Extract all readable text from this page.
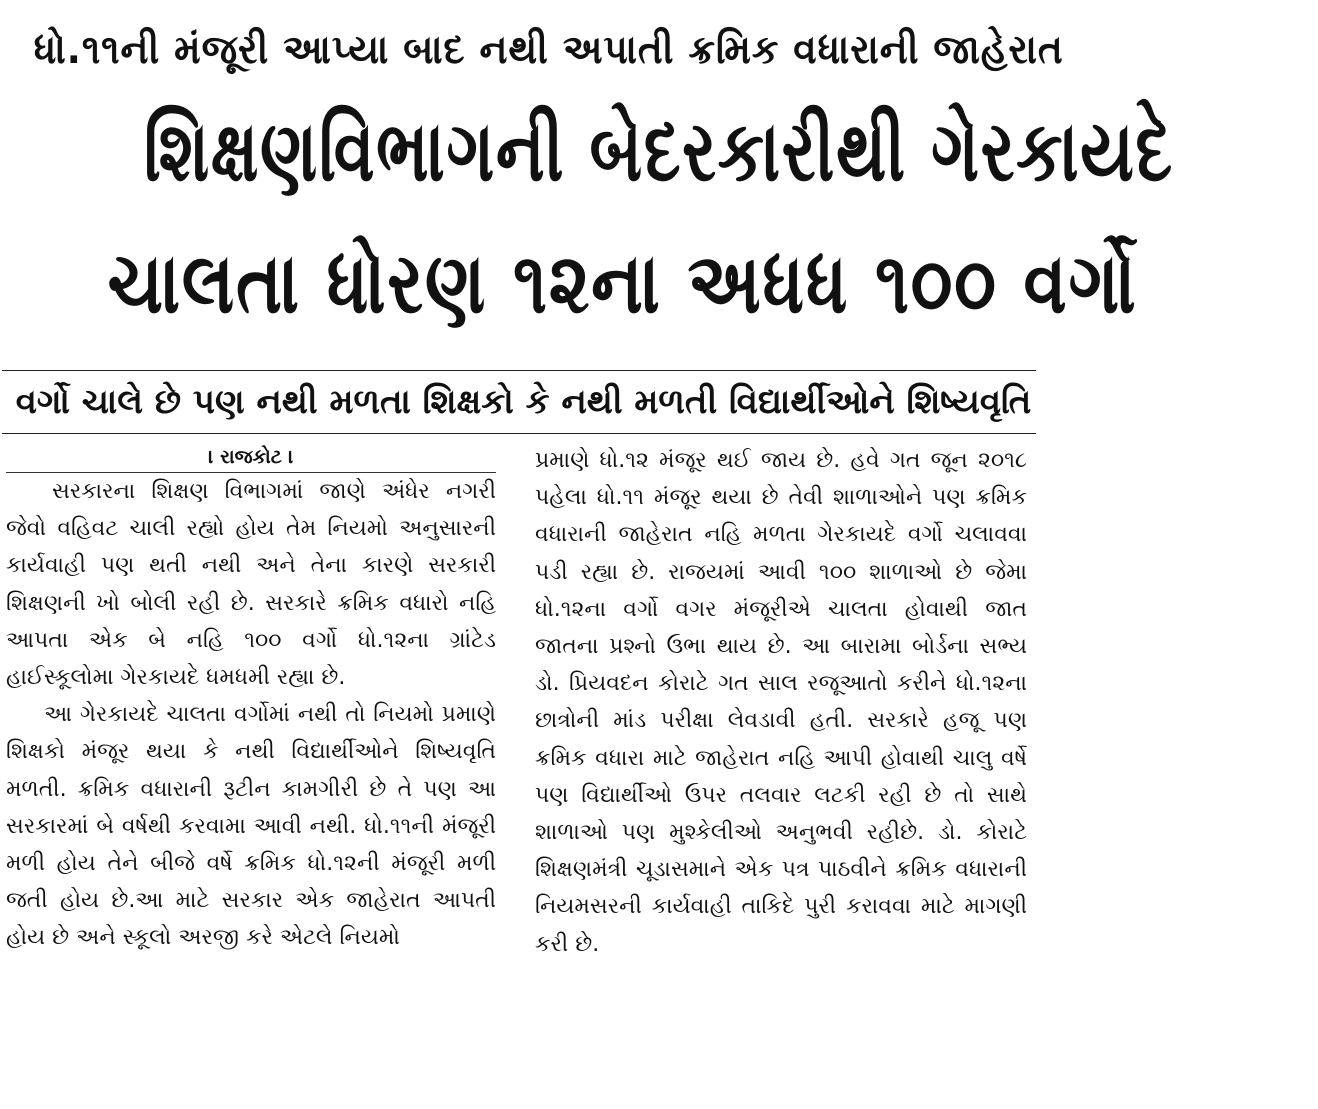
ધો.૧૧ની મંજૂરી આપ્યા બાદ નથી અપાતી ક્રમિક વધારાની જાહેરાત
શિક્ષણવિભાગની બેદરકારીથી ગેરકાયદે
ચાલતા ધોરણ ૧૨ના અધધ ૧૦૦ વર્ગો
વર્ગો ચાલે છે પણ નથી મળતા શિક્ષકો કે નથી મળતી વિદ્યાર્થીઓને શિષ્યવૃતિ
। રાજકોટ ।

સરકારના શિક્ષણ વિભાગમાં જાણે અંધેર નગરી જેવો વહિવટ ચાલી રહ્યો હોય તેમ નિયમો અનુસારની કાર્યવાહી પણ થતી નથી અને તેના કારણે સરકારી શિક્ષણની ખો બોલી રહી છે. સરકારે ક્રમિક વધારો નહિ આપતા એક બે નહિ ૧૦૦ વર્ગો ધો.૧૨ના ગ્રાંટેડ હાઈસ્કૂલોમા ગેરકાયદે ધમધમી રહ્યા છે.

આ ગેરકાયદે ચાલતા વર્ગોમાં નથી તો નિયમો પ્રમાણે શિક્ષકો મંજૂર થયા કે નથી વિદ્યાર્થીઓને શિષ્યવૃતિ મળતી. ક્રમિક વધારાની રૂટીન કામગીરી છે તે પણ આ સરકારમાં બે વર્ષથી કરવામા આવી નથી. ધો.૧૧ની મંજૂરી મળી હોય તેને બીજે વર્ષે ક્રમિક ધો.૧૨ની મંજૂરી મળી જતી હોય છે.આ માટે સરકાર એક જાહેરાત આપતી હોય છે અને સ્કૂલો અરજી કરે એટલે નિયમો

પ્રમાણે ધો.૧૨ મંજૂર થઈ જાય છે. હવે ગત જૂન ૨૦૧૮ પહેલા ધો.૧૧ મંજૂર થયા છે તેવી શાળાઓને પણ ક્રમિક વધારાની જાહેરાત નહિ મળતા ગેરકાયદે વર્ગો ચલાવવા પડી રહ્યા છે. રાજયમાં આવી ૧૦૦ શાળાઓ છે જેમા ધો.૧૨ના વર્ગો વગર મંજૂરીએ ચાલતા હોવાથી જાત જાતના પ્રશ્નો ઉભા થાય છે. આ બારામા બોર્ડના સભ્ય ડો. પ્રિયવદન કોરાટે ગત સાલ રજૂઆતો કરીને ધો.૧૨ના છાત્રોની માંડ પરીક્ષા લેવડાવી હતી. સરકારે હજૂ પણ ક્રમિક વધારા માટે જાહેરાત નહિ આપી હોવાથી ચાલુ વર્ષે પણ વિદ્યાર્થીઓ ઉપર તલવાર લટકી રહી છે તો સાથે શાળાઓ પણ મુશ્કેલીઓ અનુભવી રહીછે. ડો. કોરાટે શિક્ષણમંત્રી ચૂડાસમાને એક પત્ર પાઠવીને ક્રમિક વધારાની નિયમસરની કાર્યવાહી તાકિદે પુરી કરાવવા માટે માગણી કરી છે.
